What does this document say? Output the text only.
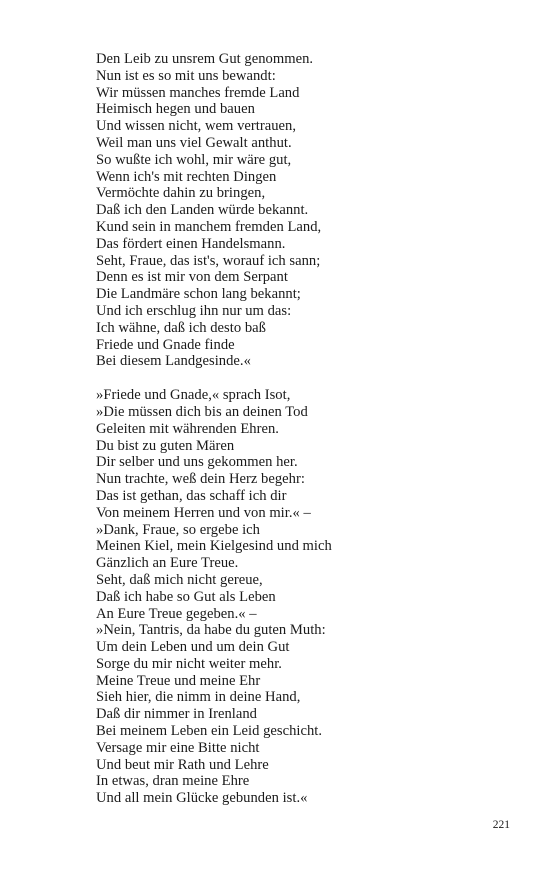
Den Leib zu unsrem Gut genommen.
Nun ist es so mit uns bewandt:
Wir müssen manches fremde Land
Heimisch hegen und bauen
Und wissen nicht, wem vertrauen,
Weil man uns viel Gewalt anthut.
So wußte ich wohl, mir wäre gut,
Wenn ich's mit rechten Dingen
Vermöchte dahin zu bringen,
Daß ich den Landen würde bekannt.
Kund sein in manchem fremden Land,
Das fördert einen Handelsmann.
Seht, Fraue, das ist's, worauf ich sann;
Denn es ist mir von dem Serpant
Die Landmäre schon lang bekannt;
Und ich erschlug ihn nur um das:
Ich wähne, daß ich desto baß
Friede und Gnade finde
Bei diesem Landgesinde.«
»Friede und Gnade,« sprach Isot,
»Die müssen dich bis an deinen Tod
Geleiten mit währenden Ehren.
Du bist zu guten Mären
Dir selber und uns gekommen her.
Nun trachte, weß dein Herz begehr:
Das ist gethan, das schaff ich dir
Von meinem Herren und von mir.« –
»Dank, Fraue, so ergebe ich
Meinen Kiel, mein Kielgesind und mich
Gänzlich an Eure Treue.
Seht, daß mich nicht gereue,
Daß ich habe so Gut als Leben
An Eure Treue gegeben.« –
»Nein, Tantris, da habe du guten Muth:
Um dein Leben und um dein Gut
Sorge du mir nicht weiter mehr.
Meine Treue und meine Ehr
Sieh hier, die nimm in deine Hand,
Daß dir nimmer in Irenland
Bei meinem Leben ein Leid geschicht.
Versage mir eine Bitte nicht
Und beut mir Rath und Lehre
In etwas, dran meine Ehre
Und all mein Glücke gebunden ist.«
221
